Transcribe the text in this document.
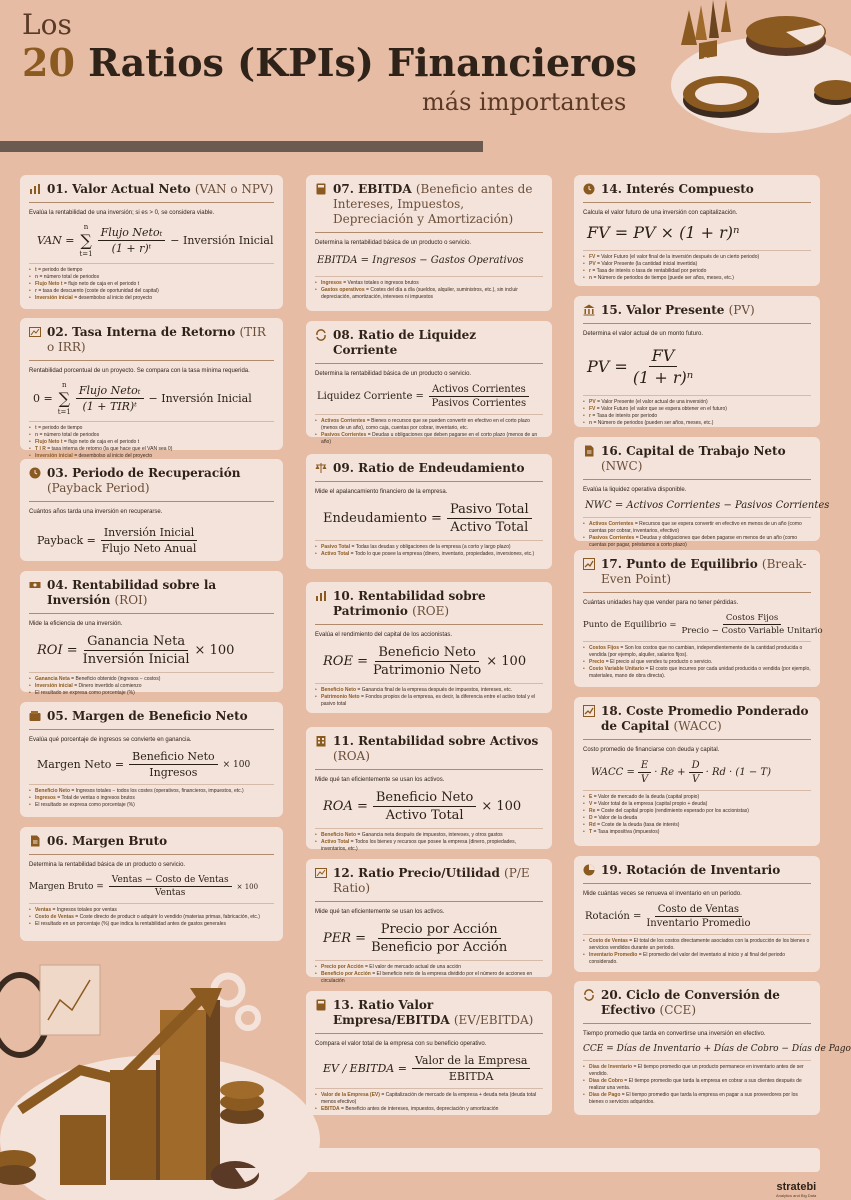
Los
20 Ratios (KPIs) Financieros
más importantes
%
01. Valor Actual Neto (VAN o NPV)
Evalúa la rentabilidad de una inversión; si es > 0, se considera viable.
VAN =
n
∑
$t=1 \frac{\text{Flujo Netoₜ}}{\text{(1 + r)ᵗ}}$ − Inversión Inicial
• t = periodo de tiempo
• n = número total de periodos
• Flujo Neto t = flujo neto de caja en el periodo t
• r = tasa de descuento (coste de oportunidad del capital)
• Inversión inicial = desembolso al inicio del proyecto
02. Tasa Interna de Retorno (TIR o IRR)
Rentabilidad porcentual de un proyecto. Se compara con la tasa mínima requerida.
0 =
n
∑
$t=1 \frac{\text{Flujo Netoₜ}}{\text{(1 + TIR)ᵗ}}$ − Inversión Inicial
• t = periodo de tiempo
• n = número total de periodos
• Flujo Neto t = flujo neto de caja en el periodo t
• T I R = tasa interna de retorno (la que hace que el VAN sea 0)
• Inversión inicial = desembolso al inicio del proyecto
03. Periodo de Recuperación (Payback Period)
Cuántos años tarda una inversión en recuperarse.
Payback = $\frac{\text{Inversión Inicial}}{\text{Flujo Neto Anual}}$
04. Rentabilidad sobre la Inversión (ROI)
Mide la eficiencia de una inversión.
ROI = $\frac{\text{Ganancia Neta}}{\text{Inversión Inicial}} \times 100$
• Ganancia Neta = Beneficio obtenido (ingresos − costos)
• Inversión inicial = Dinero invertido al comienzo
• El resultado se expresa como porcentaje (%)
05. Margen de Beneficio Neto
Evalúa qué porcentaje de ingresos se convierte en ganancia.
Margen Neto = $\frac{\text{Beneficio Neto}}{\text{Ingresos}} \times 100$
• Beneficio Neto = Ingresos totales − todos los costes (operativos, financieros, impuestos, etc.)
• Ingresos = Total de ventas o ingresos brutos
• El resultado se expresa como porcentaje (%)
06. Margen Bruto
Determina la rentabilidad básica de un producto o servicio.
Margen Bruto = $\frac{\text{Ventas − Costo de Ventas}}{\text{Ventas}} \times 100$
• Ventas = Ingresos totales por ventas
• Costo de Ventas = Coste directo de producir o adquirir lo vendido (materias primas, fabricación, etc.)
• El resultado en un porcentaje (%) que indica la rentabilidad antes de gastos generales
07. EBITDA (Beneficio antes de Intereses, Impuestos, Depreciación y Amortización)
Determina la rentabilidad básica de un producto o servicio.
EBITDA = Ingresos − Gastos Operativos
• Ingresos = Ventas totales o ingresos brutos
• Gastos operativos = Costes del día a día (sueldos, alquiler, suministros, etc.), sin incluir depreciación, amortización, intereses ni impuestos
08. Ratio de Liquidez Corriente
Determina la rentabilidad básica de un producto o servicio.
Liquidez Corriente = $\frac{\text{Activos Corrientes}}{\text{Pasivos Corrientes}}$
• Activos Corrientes = Bienes o recursos que se pueden convertir en efectivo en el corto plazo (menos de un año), como caja, cuentas por cobrar, inventario, etc.
• Pasivos Corrientes = Deudas u obligaciones que deben pagarse en el corto plazo (menos de un año)
09. Ratio de Endeudamiento
Mide el apalancamiento financiero de la empresa.
Endeudamiento = $\frac{\text{Pasivo Total}}{\text{Activo Total}}$
• Pasivo Total = Todas las deudas y obligaciones de la empresa (a corto y largo plazo)
• Activo Total = Todo lo que posee la empresa (dinero, inventario, propiedades, inversiones, etc.)
10. Rentabilidad sobre Patrimonio (ROE)
Evalúa el rendimiento del capital de los accionistas.
ROE = $\frac{\text{Beneficio Neto}}{\text{Patrimonio Neto}} \times 100$
• Beneficio Neto = Ganancia final de la empresa después de impuestos, intereses, etc.
• Patrimonio Neto = Fondos propios de la empresa, es decir, la diferencia entre el activo total y el pasivo total
11. Rentabilidad sobre Activos (ROA)
Mide qué tan eficientemente se usan los activos.
ROA = $\frac{\text{Beneficio Neto}}{\text{Activo Total}} \times 100$
• Beneficio Neto = Ganancia neta después de impuestos, intereses, y otros gastos
• Activo Total = Todos los bienes y recursos que posee la empresa (dinero, propiedades, inventarios, etc.)
12. Ratio Precio/Utilidad (P/E Ratio)
Mide qué tan eficientemente se usan los activos.
PER = $\frac{\text{Precio por Acción}}{\text{Beneficio por Acción}}$
• Precio por Acción = El valor de mercado actual de una acción
• Beneficio por Acción = El beneficio neto de la empresa dividido por el número de acciones en circulación
13. Ratio Valor Empresa/EBITDA (EV/EBITDA)
Compara el valor total de la empresa con su beneficio operativo.
EV / EBITDA = $\frac{\text{Valor de la Empresa}}{\text{EBITDA}}$
• Valor de la Empresa (EV) = Capitalización de mercado de la empresa + deuda neta (deuda total menos efectivo)
• EBITDA = Beneficio antes de intereses, impuestos, depreciación y amortización
14. Interés Compuesto
Calcula el valor futuro de una inversión con capitalización.
FV = PV × (1 + r)ⁿ
• FV = Valor Futuro (el valor final de la inversión después de un cierto periodo)
• PV = Valor Presente (la cantidad inicial invertida)
• r = Tasa de interés o tasa de rentabilidad por periodo
• n = Número de periodos de tiempo (puede ser años, meses, etc.)
15. Valor Presente (PV)
Determina el valor actual de un monto futuro.
PV = $\frac{FV}{\text{(1 + r)ⁿ}}$
• PV = Valor Presente (el valor actual de una inversión)
• FV = Valor Futuro (el valor que se espera obtener en el futuro)
• r = Tasa de interés por periodo
• n = Número de periodos (pueden ser años, meses, etc.)
16. Capital de Trabajo Neto (NWC)
Evalúa la liquidez operativa disponible.
NWC = Activos Corrientes − Pasivos Corrientes
• Activos Corrientes = Recursos que se espera convertir en efectivo en menos de un año (como cuentas por cobrar, inventarios, efectivo)
• Pasivos Corrientes = Deudas y obligaciones que deben pagarse en menos de un año (como cuentas por pagar, préstamos a corto plazo)
17. Punto de Equilibrio (Break-Even Point)
Cuántas unidades hay que vender para no tener pérdidas.
Punto de Equilibrio = $\frac{\text{Costos Fijos}}{\text{Precio − Costo Variable Unitario}}$
• Costos Fijos = Son los costos que no cambian, independientemente de la cantidad producida o vendida (por ejemplo, alquiler, salarios fijos).
• Precio = El precio al que vendes tu producto o servicio.
• Costo Variable Unitario = El costo que incurres por cada unidad producida o vendida (por ejemplo, materiales, mano de obra directa).
18. Coste Promedio Ponderado de Capital (WACC)
Costo promedio de financiarse con deuda y capital.
WACC = $\frac{E}{V} \cdot Re + \frac{D}{V} \cdot Rd \cdot (1 - T)$
• E = Valor de mercado de la deuda (capital propio)
• V = Valor total de la empresa (capital propio + deuda)
• Re = Coste del capital propio (rendimiento esperado por los accionistas)
• D = Valor de la deuda
• Rd = Coste de la deuda (tasa de interés)
• T = Tasa impositiva (impuestos)
19. Rotación de Inventario
Mide cuántas veces se renueva el inventario en un período.
Rotación = $\frac{\text{Costo de Ventas}}{\text{Inventario Promedio}}$
• Costo de Ventas = El total de los costos directamente asociados con la producción de los bienes o servicios vendidos durante un periodo.
• Inventario Promedio = El promedio del valor del inventario al inicio y al final del periodo considerado.
20. Ciclo de Conversión de Efectivo (CCE)
Tiempo promedio que tarda en convertirse una inversión en efectivo.
CCE = Días de Inventario + Días de Cobro − Días de Pago
• Días de Inventario = El tiempo promedio que un producto permanece en inventario antes de ser vendido.
• Días de Cobro = El tiempo promedio que tarda la empresa en cobrar a sus clientes después de realizar una venta.
• Días de Pago = El tiempo promedio que tarda la empresa en pagar a sus proveedores por los bienes o servicios adquiridos.
stratebi
Analytics and Big Data
